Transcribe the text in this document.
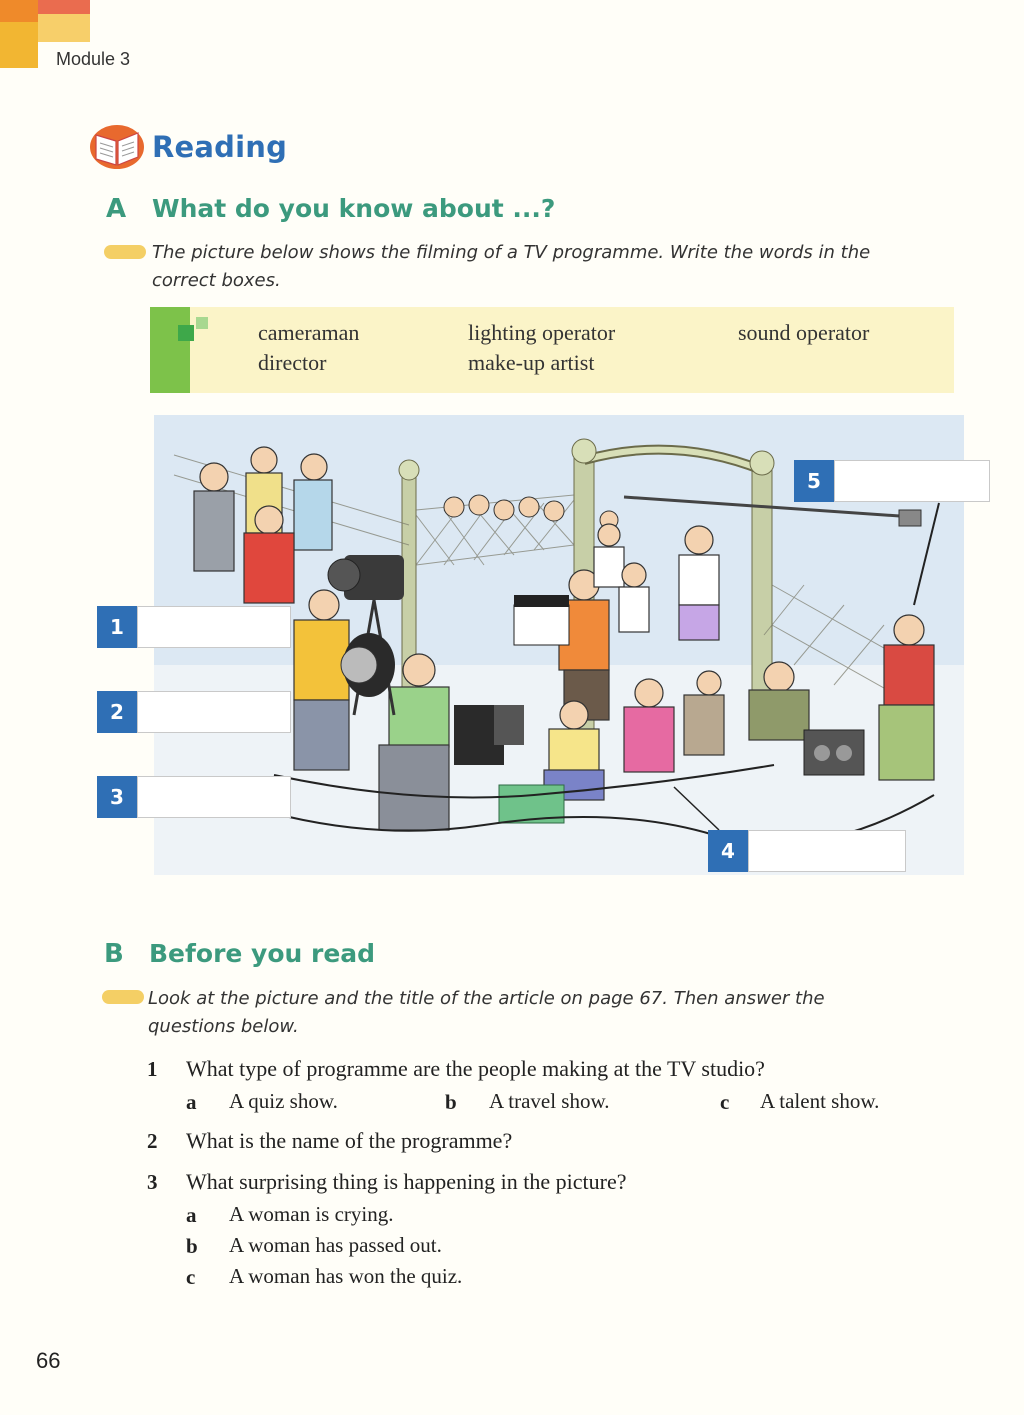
Module 3
Reading
A What do you know about ...?
The picture below shows the filming of a TV programme. Write the words in the
correct boxes.
cameraman
director
lighting operator
make-up artist
sound operator
1
2
3
4
5
B Before you read
Look at the picture and the title of the article on page 67. Then answer the
questions below.
1 What type of programme are the people making at the TV studio?
a A quiz show.	b A travel show.	c A talent show.
2 What is the name of the programme?
3 What surprising thing is happening in the picture?
a A woman is crying.
b A woman has passed out.
c A woman has won the quiz.
66
